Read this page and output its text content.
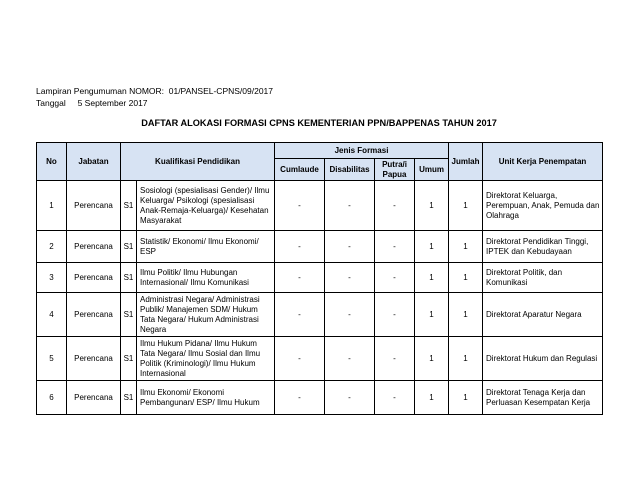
Lampiran Pengumuman NOMOR:  01/PANSEL-CPNS/09/2017
Tanggal     5 September 2017
DAFTAR ALOKASI FORMASI CPNS KEMENTERIAN PPN/BAPPENAS TAHUN 2017
No	Jabatan	Kualifikasi Pendidikan		Jenis Formasi				Jumlah	Unit Kerja Penempatan
				Cumlaude	Disabilitas	Putra/i Papua	Umum		
1	Perencana	S1	Sosiologi (spesialisasi Gender)/ Ilmu Keluarga/ Psikologi (spesialisasi Anak-Remaja-Keluarga)/ Kesehatan Masyarakat	-	-	-	1	1	Direktorat Keluarga, Perempuan, Anak, Pemuda dan Olahraga
2	Perencana	S1	Statistik/ Ekonomi/ Ilmu Ekonomi/ ESP	-	-	-	1	1	Direktorat Pendidikan Tinggi, IPTEK dan Kebudayaan
3	Perencana	S1	Ilmu Politik/ Ilmu Hubungan Internasional/ Ilmu Komunikasi	-	-	-	1	1	Direktorat Politik, dan Komunikasi
4	Perencana	S1	Administrasi Negara/ Administrasi Publik/ Manajemen SDM/ Hukum Tata Negara/ Hukum Administrasi Negara	-	-	-	1	1	Direktorat Aparatur Negara
5	Perencana	S1	Ilmu Hukum Pidana/ Ilmu Hukum Tata Negara/ Ilmu Sosial dan Ilmu Politik (Kriminologi)/ Ilmu Hukum Internasional	-	-	-	1	1	Direktorat Hukum dan Regulasi
6	Perencana	S1	Ilmu Ekonomi/ Ekonomi Pembangunan/ ESP/ Ilmu Hukum	-	-	-	1	1	Direktorat Tenaga Kerja dan Perluasan Kesempatan Kerja
